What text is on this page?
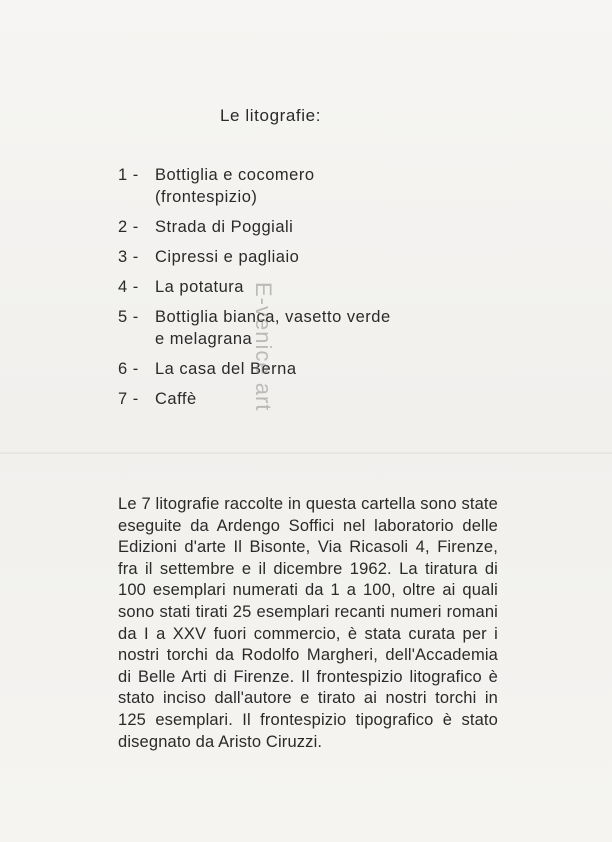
Le litografie:
1 - Bottiglia e cocomero
(frontespizio)
2 - Strada di Poggiali
3 - Cipressi e pagliaio
4 - La potatura
5 - Bottiglia bianca, vasetto verde
e melagrana
6 - La casa del Berna
7 - Caffè	E-venice art

Le 7 litografie raccolte in questa cartella sono state eseguite da Ardengo Soffici nel laboratorio delle Edizioni d'arte Il Bisonte, Via Ricasoli 4, Firenze, fra il settembre e il dicembre 1962. La tiratura di 100 esemplari numerati da 1 a 100, oltre ai quali sono stati tirati 25 esemplari recanti numeri romani da I a XXV fuori commercio, è stata curata per i nostri torchi da Rodolfo Margheri, dell'Accademia di Belle Arti di Firenze. Il frontespizio litografico è stato inciso dall'autore e tirato ai nostri torchi in 125 esemplari. Il frontespizio tipografico è stato disegnato da Aristo Ciruzzi.
